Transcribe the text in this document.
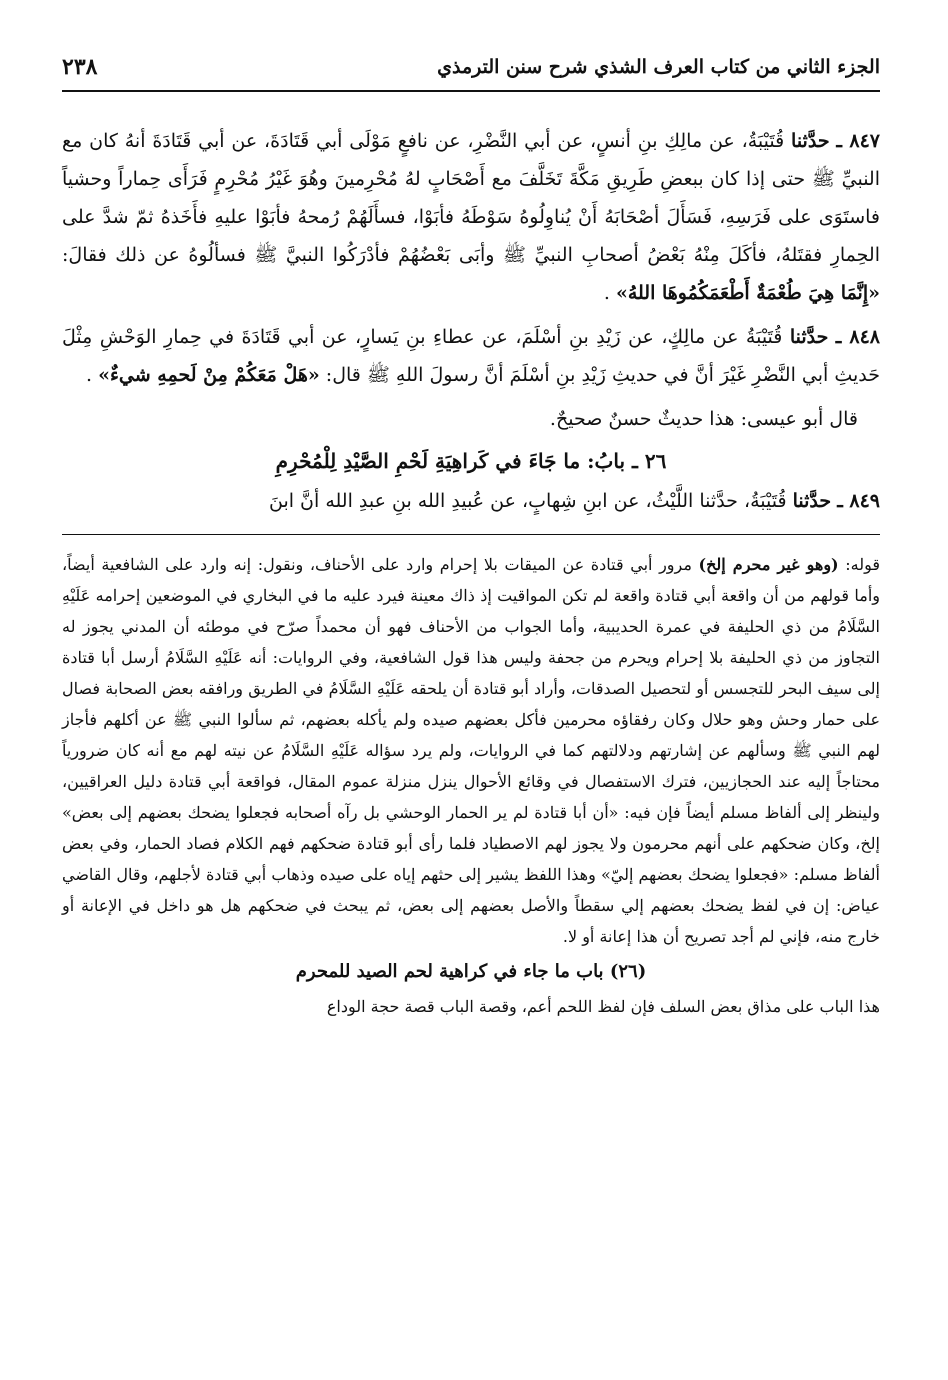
الجزء الثاني من كتاب العرف الشذي شرح سنن الترمذي
٢٣٨

٨٤٧ ـ حدَّثنا قُتَيْبَةُ، عن مالِكِ بنِ أنسٍ، عن أبي النَّضْرِ، عن نافعٍ مَوْلَى أبي قَتَادَةَ، عن أبي قَتَادَةَ أنهُ كان مع النبيِّ ﷺ حتى إذا كان ببعضِ طَرِيقِ مَكَّةَ تَخَلَّفَ مع أَصْحَابٍ لهُ مُحْرِمينَ وهُوَ غَيْرُ مُحْرِمٍ فَرَأَى حِماراً وحشياً فاستَوَى على فَرَسِهِ، فَسَأَلَ أصْحَابَهُ أَنْ يُناوِلُوهُ سَوْطَهُ فأبَوْا، فسأَلَهُمْ رُمحهُ فأبَوْا عليهِ فأَخَذهُ ثمّ شدَّ على الحِمارِ فقتَلهُ، فأكَلَ مِنْهُ بَعْضُ أصحابِ النبيِّ ﷺ وأبَى بَعْضُهُمْ فأدْرَكُوا النبيَّ ﷺ فسألُوهُ عن ذلك فقالَ: «إِنَّمَا هِيَ طُعْمَةٌ أَطْعَمَكُمُوهَا اللهُ» .

٨٤٨ ـ حدَّثنا قُتَيْبَةُ عن مالِكٍ، عن زَيْدِ بنِ أسْلَمَ، عن عطاءِ بنِ يَسارٍ، عن أبي قَتَادَةَ في حِمارِ الوَحْشِ مِثْلَ حَديثِ أبي النَّضْرِ غَيْرَ أنَّ في حديثِ زَيْدِ بنِ أسْلَمَ أنَّ رسولَ اللهِ ﷺ قال: «هَلْ مَعَكُمْ مِنْ لَحمِهِ شيءٌ» .

قال أبو عيسى: هذا حديثٌ حسنٌ صحيحٌ.

٢٦ ـ بابُ: ما جَاءَ في كَراهِيَةِ لَحْمِ الصَّيْدِ لِلْمُحْرِمِ

٨٤٩ ـ حدَّثنا قُتَيْبَةُ، حدَّثنا اللَّيْثُ، عن ابنِ شِهابٍ، عن عُبيدِ الله بنِ عبدِ الله أنَّ ابنَ

قوله: (وهو غير محرم إلخ) مرور أبي قتادة عن الميقات بلا إحرام وارد على الأحناف، ونقول: إنه وارد على الشافعية أيضاً، وأما قولهم من أن واقعة أبي قتادة واقعة لم تكن المواقيت إذ ذاك معينة فيرد عليه ما في البخاري في الموضعين إحرامه عَلَيْهِ السَّلَامُ من ذي الحليفة في عمرة الحديبية، وأما الجواب من الأحناف فهو أن محمداً صرّح في موطئه أن المدني يجوز له التجاوز من ذي الحليفة بلا إحرام ويحرم من جحفة وليس هذا قول الشافعية، وفي الروايات: أنه عَلَيْهِ السَّلَامُ أرسل أبا قتادة إلى سيف البحر للتجسس أو لتحصيل الصدقات، وأراد أبو قتادة أن يلحقه عَلَيْهِ السَّلَامُ في الطريق ورافقه بعض الصحابة فصال على حمار وحش وهو حلال وكان رفقاؤه محرمين فأكل بعضهم صيده ولم يأكله بعضهم، ثم سألوا النبي ﷺ عن أكلهم فأجاز لهم النبي ﷺ وسألهم عن إشارتهم ودلالتهم كما في الروايات، ولم يرد سؤاله عَلَيْهِ السَّلَامُ عن نيته لهم مع أنه كان ضرورياً محتاجاً إليه عند الحجازيين، فترك الاستفصال في وقائع الأحوال ينزل منزلة عموم المقال، فواقعة أبي قتادة دليل العراقيين، ولينظر إلى ألفاظ مسلم أيضاً فإن فيه: «أن أبا قتادة لم ير الحمار الوحشي بل رآه أصحابه فجعلوا يضحك بعضهم إلى بعض» إلخ، وكان ضحكهم على أنهم محرمون ولا يجوز لهم الاصطياد فلما رأى أبو قتادة ضحكهم فهم الكلام فصاد الحمار، وفي بعض ألفاظ مسلم: «فجعلوا يضحك بعضهم إليّ» وهذا اللفظ يشير إلى حثهم إياه على صيده وذهاب أبي قتادة لأجلهم، وقال القاضي عياض: إن في لفظ يضحك بعضهم إلي سقطاً والأصل بعضهم إلى بعض، ثم يبحث في ضحكهم هل هو داخل في الإعانة أو خارج منه، فإني لم أجد تصريح أن هذا إعانة أو لا.

(٢٦) باب ما جاء في كراهية لحم الصيد للمحرم

هذا الباب على مذاق بعض السلف فإن لفظ اللحم أعم، وقصة الباب قصة حجة الوداع
